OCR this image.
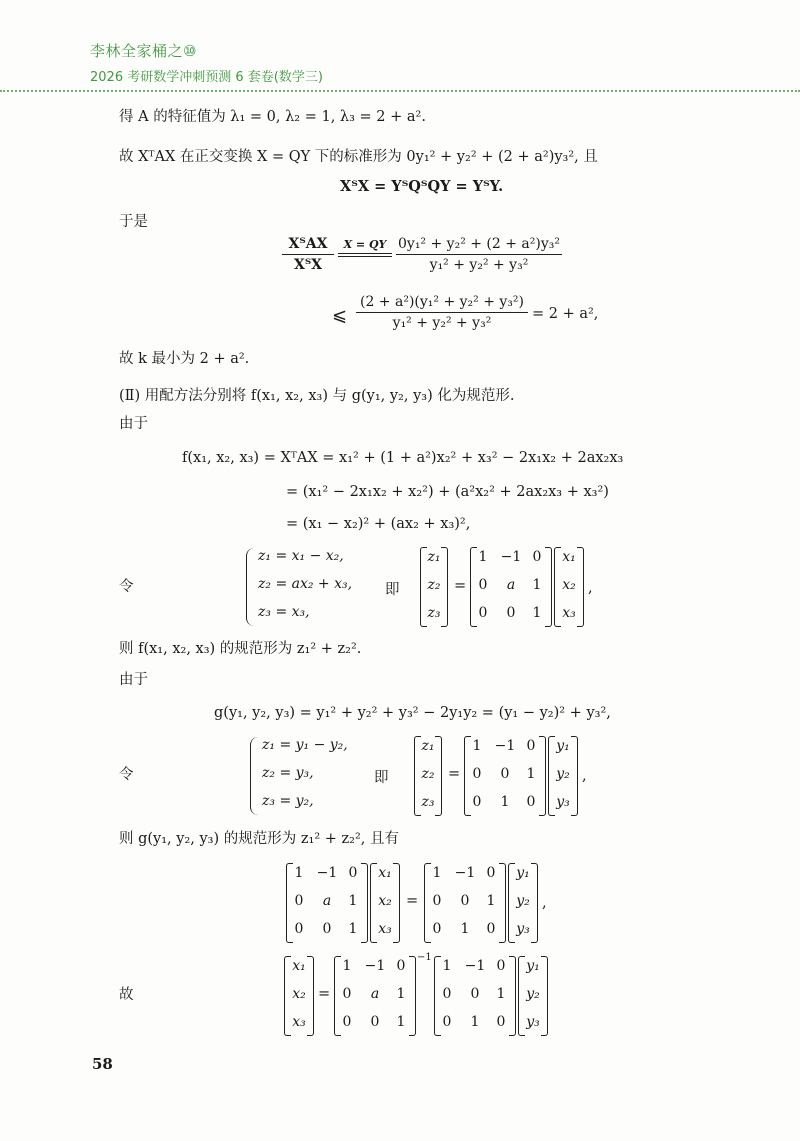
李林全家桶之⑩
2026 考研数学冲刺预测 6 套卷(数学三)
得 A 的特征值为 λ₁ = 0, λ₂ = 1, λ₃ = 2 + a².
故 XᵀAX 在正交变换 X = QY 下的标准形为 0y₁² + y₂² + (2 + a²)y₃², 且
XᵀX = YᵀQᵀQY = YᵀY.
于是
XᵀAX
XᵀX
X = QY 0y₁² + y₂² + (2 + a²)y₃²
y₁² + y₂² + y₃²
⩽
(2 + a²)(y₁² + y₂² + y₃²)
y₁² + y₂² + y₃²
= 2 + a²,
故 k 最小为 2 + a².
(Ⅱ) 用配方法分别将 f(x₁, x₂, x₃) 与 g(y₁, y₂, y₃) 化为规范形.
由于
f(x₁, x₂, x₃) = XᵀAX = x₁² + (1 + a²)x₂² + x₃² − 2x₁x₂ + 2ax₂x₃
= (x₁² − 2x₁x₂ + x₂²) + (a²x₂² + 2ax₂x₃ + x₃²)
= (x₁ − x₂)² + (ax₂ + x₃)²,
令
z₁ = x₁ − x₂,
z₂ = ax₂ + x₃,
z₃ = x₃,
即
z₁
z₂
z₃
=
1 −1 0
0	a	1
0	0	1
x₁
x₂
x₃
,
则 f(x₁, x₂, x₃) 的规范形为 z₁² + z₂².
由于
g(y₁, y₂, y₃) = y₁² + y₂² + y₃² − 2y₁y₂ = (y₁ − y₂)² + y₃²,
令
z₁ = y₁ − y₂,
z₂ = y₃,
z₃ = y₂,
即
z₁
z₂
z₃
=
1 −1 0
0	0	1
0	1	0
y₁
y₂
y₃
,
则 g(y₁, y₂, y₃) 的规范形为 z₁² + z₂², 且有
1 −1 0
0	a	1
0	0	1
x₁
x₂
x₃
=
1 −1 0
0	0	1
0	1	0
y₁
y₂
y₃
,
故
x₁
x₂
x₃
=
1 −1 0
0	a	1
0	0	1
−1
1 −1 0
0	0	1
0	1	0
y₁
y₂
y₃
58
